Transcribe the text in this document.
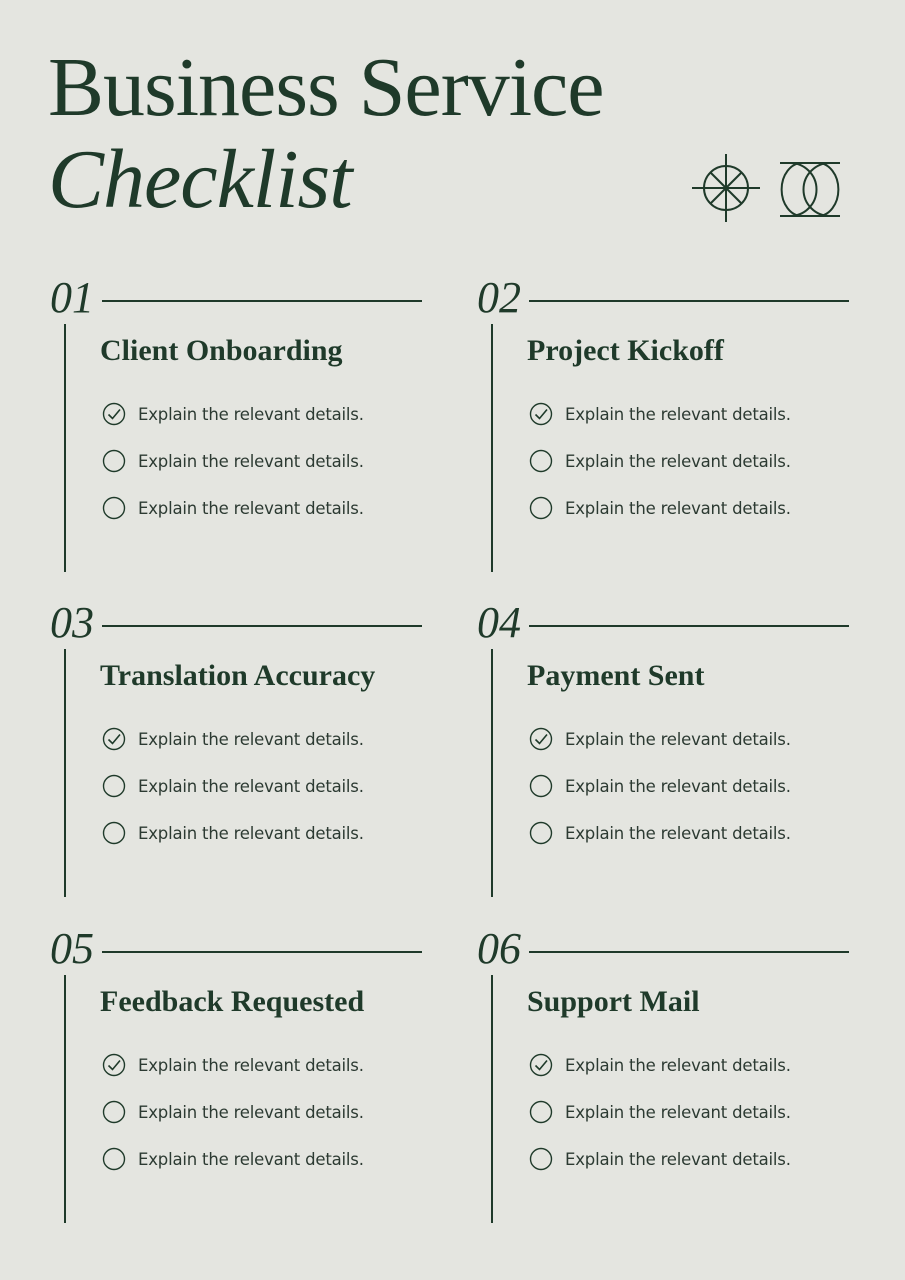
Business Service
Checklist
01
Client Onboarding
Explain the relevant details.
Explain the relevant details.
Explain the relevant details.
02
Project Kickoff
Explain the relevant details.
Explain the relevant details.
Explain the relevant details.
03
Translation Accuracy
Explain the relevant details.
Explain the relevant details.
Explain the relevant details.
04
Payment Sent
Explain the relevant details.
Explain the relevant details.
Explain the relevant details.
05
Feedback Requested
Explain the relevant details.
Explain the relevant details.
Explain the relevant details.
06
Support Mail
Explain the relevant details.
Explain the relevant details.
Explain the relevant details.
